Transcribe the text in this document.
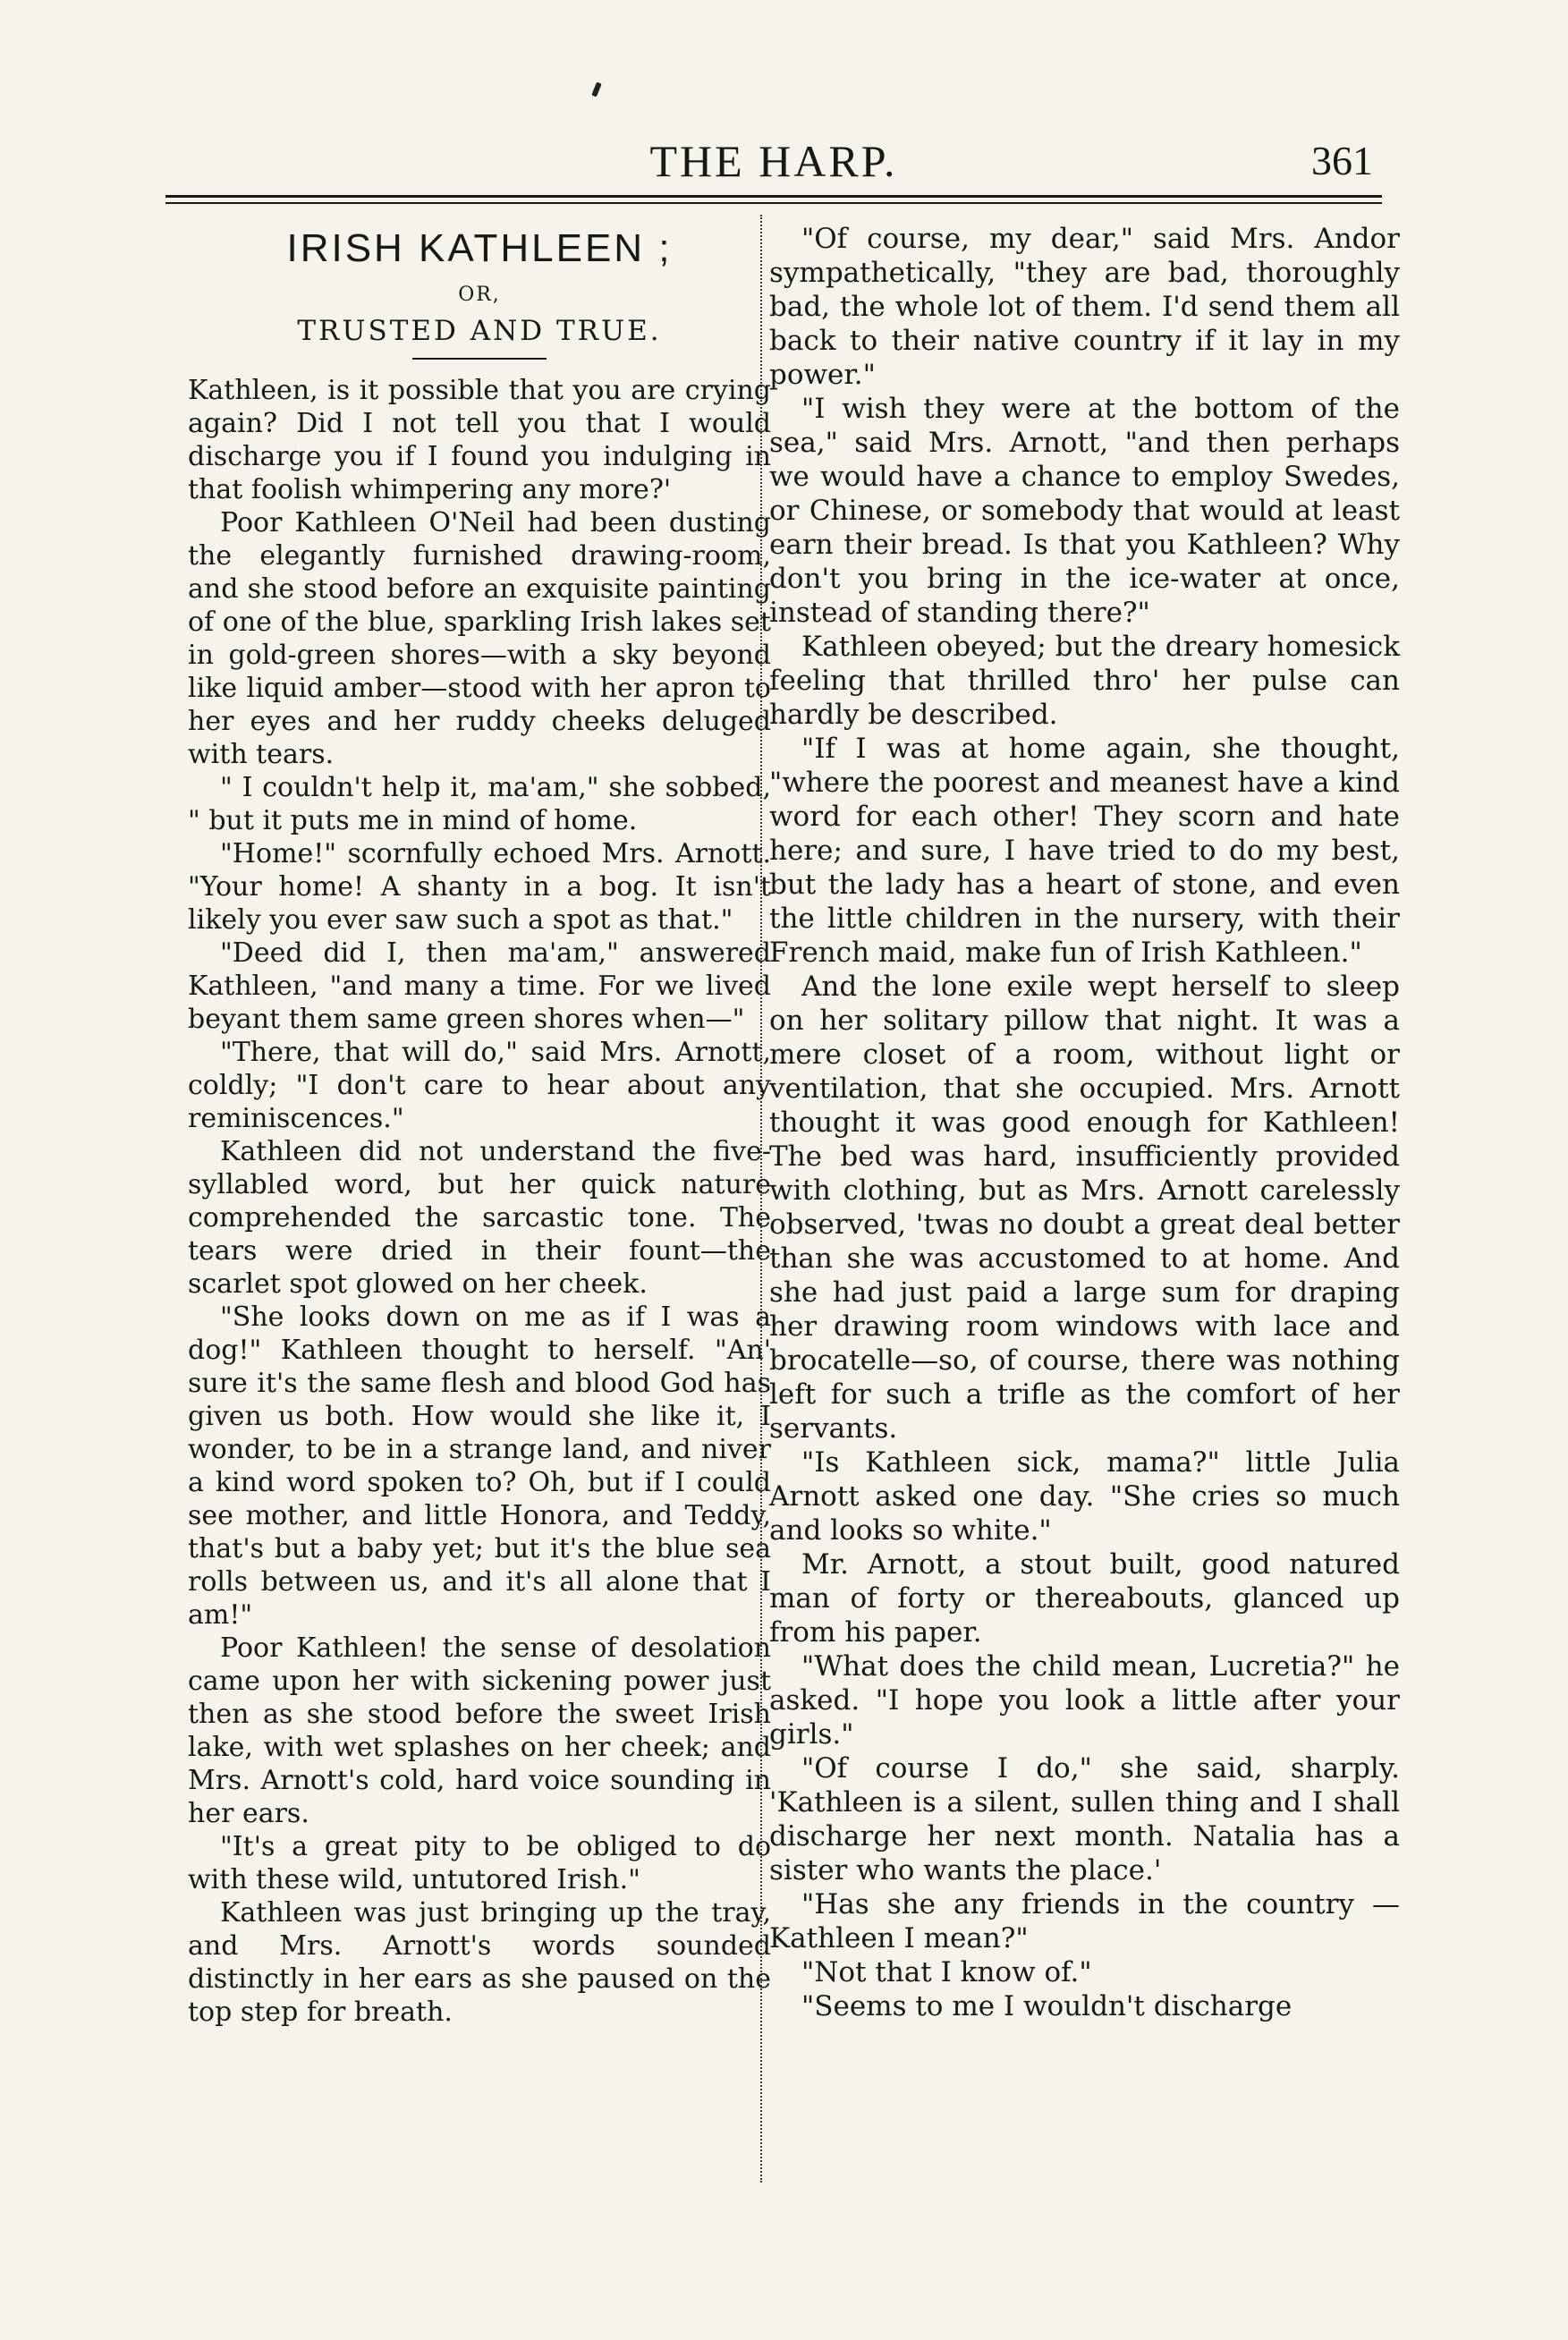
THE HARP.	361
IRISH KATHLEEN ;
OR,
TRUSTED AND TRUE.

Kathleen, is it possible that you are crying again? Did I not tell you that I would discharge you if I found you indulging in that foolish whimpering any more?'

Poor Kathleen O'Neil had been dusting the elegantly furnished drawing-room, and she stood before an exquisite painting of one of the blue, sparkling Irish lakes set in gold-green shores—with a sky beyond like liquid amber—stood with her apron to her eyes and her ruddy cheeks deluged with tears.

" I couldn't help it, ma'am," she sobbed, " but it puts me in mind of home.

"Home!" scornfully echoed Mrs. Arnott. "Your home! A shanty in a bog. It isn't likely you ever saw such a spot as that."

"Deed did I, then ma'am," answered Kathleen, "and many a time. For we lived beyant them same green shores when—"

"There, that will do," said Mrs. Arnott, coldly; "I don't care to hear about any reminiscences."

Kathleen did not understand the five-syllabled word, but her quick nature comprehended the sarcastic tone. The tears were dried in their fount—the scarlet spot glowed on her cheek.

"She looks down on me as if I was a dog!" Kathleen thought to herself. "An' sure it's the same flesh and blood God has given us both. How would she like it, I wonder, to be in a strange land, and niver a kind word spoken to? Oh, but if I could see mother, and little Honora, and Teddy, that's but a baby yet; but it's the blue sea rolls between us, and it's all alone that I am!"

Poor Kathleen! the sense of desolation came upon her with sickening power just then as she stood before the sweet Irish lake, with wet splashes on her cheek; and Mrs. Arnott's cold, hard voice sounding in her ears.

"It's a great pity to be obliged to do with these wild, untutored Irish."

Kathleen was just bringing up the tray, and Mrs. Arnott's words sounded distinctly in her ears as she paused on the top step for breath.

"Of course, my dear," said Mrs. Andor sympathetically, "they are bad, thoroughly bad, the whole lot of them. I'd send them all back to their native country if it lay in my power."

"I wish they were at the bottom of the sea," said Mrs. Arnott, "and then perhaps we would have a chance to employ Swedes, or Chinese, or somebody that would at least earn their bread. Is that you Kathleen? Why don't you bring in the ice-water at once, instead of standing there?"

Kathleen obeyed; but the dreary homesick feeling that thrilled thro' her pulse can hardly be described.

"If I was at home again, she thought, "where the poorest and meanest have a kind word for each other! They scorn and hate here; and sure, I have tried to do my best, but the lady has a heart of stone, and even the little children in the nursery, with their French maid, make fun of Irish Kathleen."

And the lone exile wept herself to sleep on her solitary pillow that night. It was a mere closet of a room, without light or ventilation, that she occupied. Mrs. Arnott thought it was good enough for Kathleen! The bed was hard, insufficiently provided with clothing, but as Mrs. Arnott carelessly observed, 'twas no doubt a great deal better than she was accustomed to at home. And she had just paid a large sum for draping her drawing room windows with lace and brocatelle—so, of course, there was nothing left for such a trifle as the comfort of her servants.

"Is Kathleen sick, mama?" little Julia Arnott asked one day. "She cries so much and looks so white."

Mr. Arnott, a stout built, good natured man of forty or thereabouts, glanced up from his paper.

"What does the child mean, Lucretia?" he asked. "I hope you look a little after your girls."

"Of course I do," she said, sharply. 'Kathleen is a silent, sullen thing and I shall discharge her next month. Natalia has a sister who wants the place.'

"Has she any friends in the country —Kathleen I mean?"

"Not that I know of."

"Seems to me I wouldn't discharge
